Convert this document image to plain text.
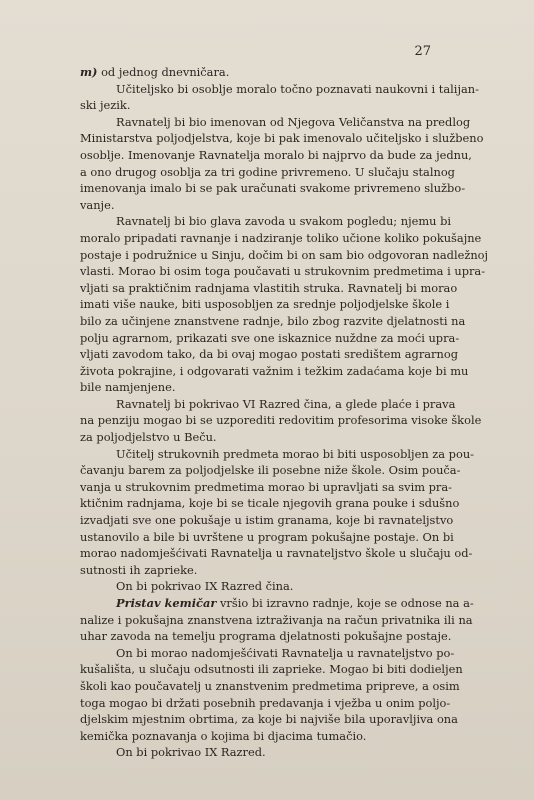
27
m) od jednog dnevničara.
Učiteljsko bi osoblje moralo točno poznavati naukovni i talijan-
ski jezik.
Ravnatelj bi bio imenovan od Njegova Veličanstva na predlog
Ministarstva poljodjelstva, koje bi pak imenovalo učiteljsko i službeno
osoblje. Imenovanje Ravnatelja moralo bi najprvo da bude za jednu,
a ono drugog osoblja za tri godine privremeno. U slučaju stalnog
imenovanja imalo bi se pak uračunati svakome privremeno službo-
vanje.
Ravnatelj bi bio glava zavoda u svakom pogledu; njemu bi
moralo pripadati ravnanje i nadziranje toliko učione koliko pokušajne
postaje i podružnice u Sinju, dočim bi on sam bio odgovoran nadležnoj
vlasti. Morao bi osim toga poučavati u strukovnim predmetima i upra-
vljati sa praktičnim radnjama vlastitih struka. Ravnatelj bi morao
imati više nauke, biti usposobljen za srednje poljodjelske škole i
bilo za učinjene znanstvene radnje, bilo zbog razvite djelatnosti na
polju agrarnom, prikazati sve one iskaznice nuždne za moći upra-
vljati zavodom tako, da bi ovaj mogao postati središtem agrarnog
života pokrajine, i odgovarati važnim i težkim zadaćama koje bi mu
bile namjenjene.
Ravnatelj bi pokrivao VI Razred čina, a glede plaće i prava
na penziju mogao bi se uzporediti redovitim profesorima visoke škole
za poljodjelstvo u Beču.
Učitelj strukovnih predmeta morao bi biti usposobljen za pou-
čavanju barem za poljodjelske ili posebne niže škole. Osim pouča-
vanja u strukovnim predmetima morao bi upravljati sa svim pra-
ktičnim radnjama, koje bi se ticale njegovih grana pouke i sdušno
izvadjati sve one pokušaje u istim granama, koje bi ravnateljstvo
ustanovilo a bile bi uvrštene u program pokušajne postaje. On bi
morao nadomješćivati Ravnatelja u ravnateljstvo škole u slučaju od-
sutnosti ih zaprieke.
On bi pokrivao IX Razred čina.
Pristav kemičar vršio bi izravno radnje, koje se odnose na a-
nalize i pokušajna znanstvena iztraživanja na račun privatnika ili na
uhar zavoda na temelju programa djelatnosti pokušajne postaje.
On bi morao nadomješćivati Ravnatelja u ravnateljstvo po-
kušališta, u slučaju odsutnosti ili zaprieke. Mogao bi biti dodieljen
školi kao poučavatelj u znanstvenim predmetima pripreve, a osim
toga mogao bi držati posebnih predavanja i vježba u onim poljo-
djelskim mjestnim obrtima, za koje bi najviše bila uporavljiva ona
kemička poznavanja o kojima bi djacima tumačio.
On bi pokrivao IX Razred.
